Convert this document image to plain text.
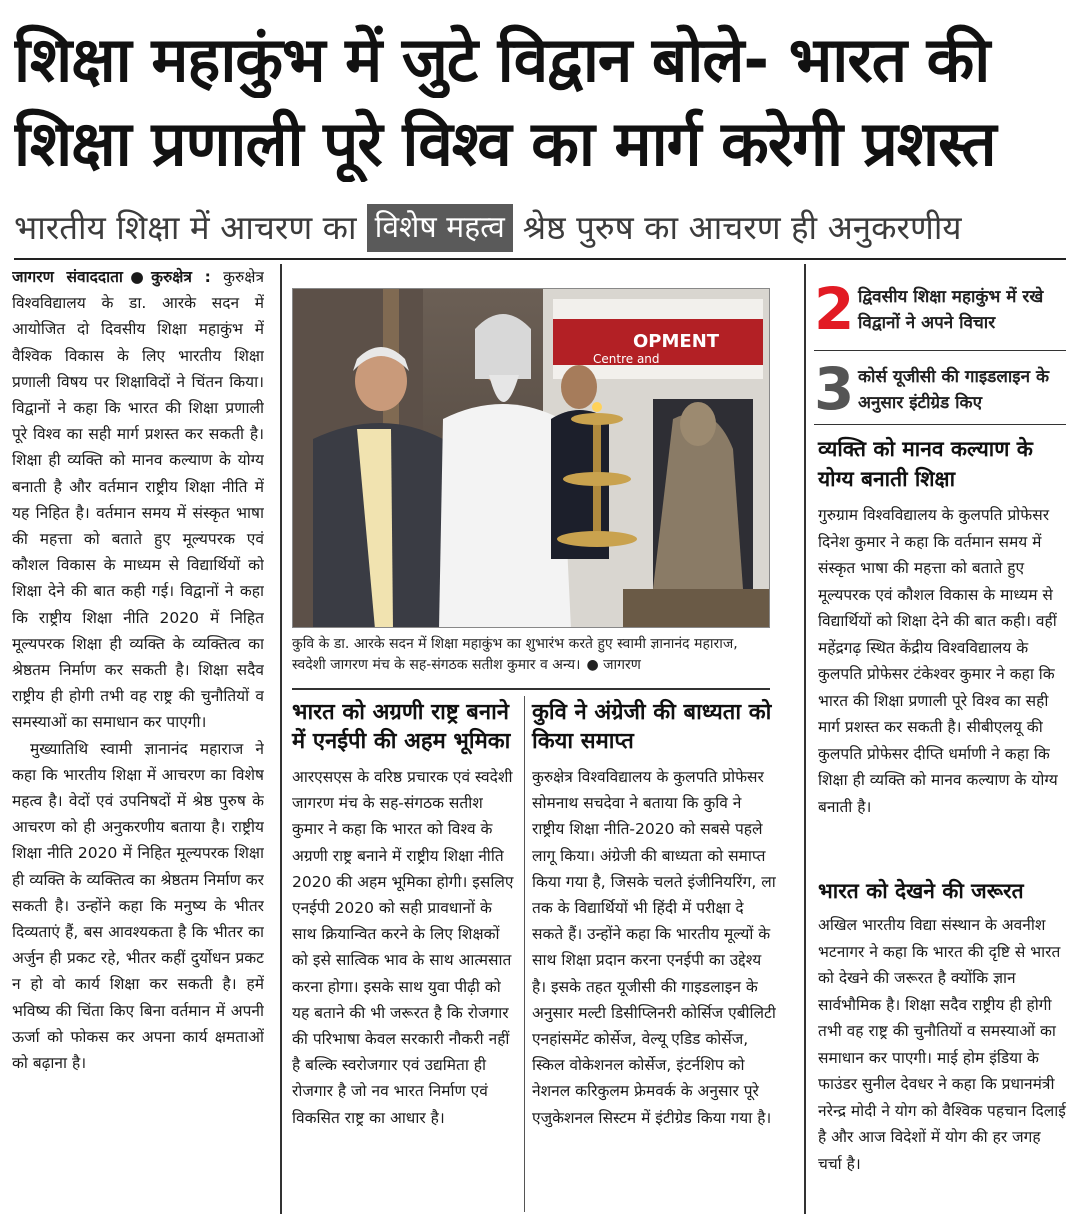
शिक्षा महाकुंभ में जुटे विद्वान बोले- भारत की
शिक्षा प्रणाली पूरे विश्व का मार्ग करेगी प्रशस्त
भारतीय शिक्षा में आचरण का विशेष महत्व श्रेष्ठ पुरुष का आचरण ही अनुकरणीय

जागरण संवाददाता●कुरुक्षेत्र : कुरुक्षेत्र विश्वविद्यालय के डा. आरके सदन में आयोजित दो दिवसीय शिक्षा महाकुंभ में वैश्विक विकास के लिए भारतीय शिक्षा प्रणाली विषय पर शिक्षाविदों ने चिंतन किया। विद्वानों ने कहा कि भारत की शिक्षा प्रणाली पूरे विश्व का सही मार्ग प्रशस्त कर सकती है। शिक्षा ही व्यक्ति को मानव कल्याण के योग्य बनाती है और वर्तमान राष्ट्रीय शिक्षा नीति में यह निहित है। वर्तमान समय में संस्कृत भाषा की महत्ता को बताते हुए मूल्यपरक एवं कौशल विकास के माध्यम से विद्यार्थियों को शिक्षा देने की बात कही गई। विद्वानों ने कहा कि राष्ट्रीय शिक्षा नीति 2020 में निहित मूल्यपरक शिक्षा ही व्यक्ति के व्यक्तित्व का श्रेष्ठतम निर्माण कर सकती है। शिक्षा सदैव राष्ट्रीय ही होगी तभी वह राष्ट्र की चुनौतियों व समस्याओं का समाधान कर पाएगी।

मुख्यातिथि स्वामी ज्ञानानंद महाराज ने कहा कि भारतीय शिक्षा में आचरण का विशेष महत्व है। वेदों एवं उपनिषदों में श्रेष्ठ पुरुष के आचरण को ही अनुकरणीय बताया है। राष्ट्रीय शिक्षा नीति 2020 में निहित मूल्यपरक शिक्षा ही व्यक्ति के व्यक्तित्व का श्रेष्ठतम निर्माण कर सकती है। उन्होंने कहा कि मनुष्य के भीतर दिव्यताएं हैं, बस आवश्यकता है कि भीतर का अर्जुन ही प्रकट रहे, भीतर कहीं दुर्योधन प्रकट न हो वो कार्य शिक्षा कर सकती है। हमें भविष्य की चिंता किए बिना वर्तमान में अपनी ऊर्जा को फोकस कर अपना कार्य क्षमताओं को बढ़ाना है।

OPMENT
Centre and
कुवि के डा. आरके सदन में शिक्षा महाकुंभ का शुभारंभ करते हुए स्वामी ज्ञानानंद महाराज, स्वदेशी जागरण मंच के सह-संगठक सतीश कुमार व अन्य। ● जागरण
भारत को अग्रणी राष्ट्र बनाने में एनईपी की अहम भूमिका
आरएसएस के वरिष्ठ प्रचारक एवं स्वदेशी जागरण मंच के सह-संगठक सतीश कुमार ने कहा कि भारत को विश्व के अग्रणी राष्ट्र बनाने में राष्ट्रीय शिक्षा नीति 2020 की अहम भूमिका होगी। इसलिए एनईपी 2020 को सही प्रावधानों के साथ क्रियान्वित करने के लिए शिक्षकों को इसे सात्विक भाव के साथ आत्मसात करना होगा। इसके साथ युवा पीढ़ी को यह बताने की भी जरूरत है कि रोजगार की परिभाषा केवल सरकारी नौकरी नहीं है बल्कि स्वरोजगार एवं उद्यमिता ही रोजगार है जो नव भारत निर्माण एवं विकसित राष्ट्र का आधार है।
कुवि ने अंग्रेजी की बाध्यता को किया समाप्त
कुरुक्षेत्र विश्वविद्यालय के कुलपति प्रोफेसर सोमनाथ सचदेवा ने बताया कि कुवि ने राष्ट्रीय शिक्षा नीति-2020 को सबसे पहले लागू किया। अंग्रेजी की बाध्यता को समाप्त किया गया है, जिसके चलते इंजीनियरिंग, ला तक के विद्यार्थियों भी हिंदी में परीक्षा दे सकते हैं। उन्होंने कहा कि भारतीय मूल्यों के साथ शिक्षा प्रदान करना एनईपी का उद्देश्य है। इसके तहत यूजीसी की गाइडलाइन के अनुसार मल्टी डिसीप्लिनरी कोर्सिज एबीलिटी एनहांसमेंट कोर्सेज, वेल्यू एडिड कोर्सेज, स्किल वोकेशनल कोर्सेज, इंटर्नशिप को नेशनल करिकुलम फ्रेमवर्क के अनुसार पूरे एजुकेशनल सिस्टम में इंटीग्रेड किया गया है।
2 द्विवसीय शिक्षा महाकुंभ में रखे विद्वानों ने अपने विचार
3 कोर्स यूजीसी की गाइडलाइन के अनुसार इंटीग्रेड किए
व्यक्ति को मानव कल्याण के योग्य बनाती शिक्षा
गुरुग्राम विश्वविद्यालय के कुलपति प्रोफेसर दिनेश कुमार ने कहा कि वर्तमान समय में संस्कृत भाषा की महत्ता को बताते हुए मूल्यपरक एवं कौशल विकास के माध्यम से विद्यार्थियों को शिक्षा देने की बात कही। वहीं महेंद्रगढ़ स्थित केंद्रीय विश्वविद्यालय के कुलपति प्रोफेसर टंकेश्वर कुमार ने कहा कि भारत की शिक्षा प्रणाली पूरे विश्व का सही मार्ग प्रशस्त कर सकती है। सीबीएलयू की कुलपति प्रोफेसर दीप्ति धर्माणी ने कहा कि शिक्षा ही व्यक्ति को मानव कल्याण के योग्य बनाती है।
भारत को देखने की जरूरत
अखिल भारतीय विद्या संस्थान के अवनीश भटनागर ने कहा कि भारत की दृष्टि से भारत को देखने की जरूरत है क्योंकि ज्ञान सार्वभौमिक है। शिक्षा सदैव राष्ट्रीय ही होगी तभी वह राष्ट्र की चुनौतियों व समस्याओं का समाधान कर पाएगी। माई होम इंडिया के फाउंडर सुनील देवधर ने कहा कि प्रधानमंत्री नरेन्द्र मोदी ने योग को वैश्विक पहचान दिलाई है और आज विदेशों में योग की हर जगह चर्चा है।
